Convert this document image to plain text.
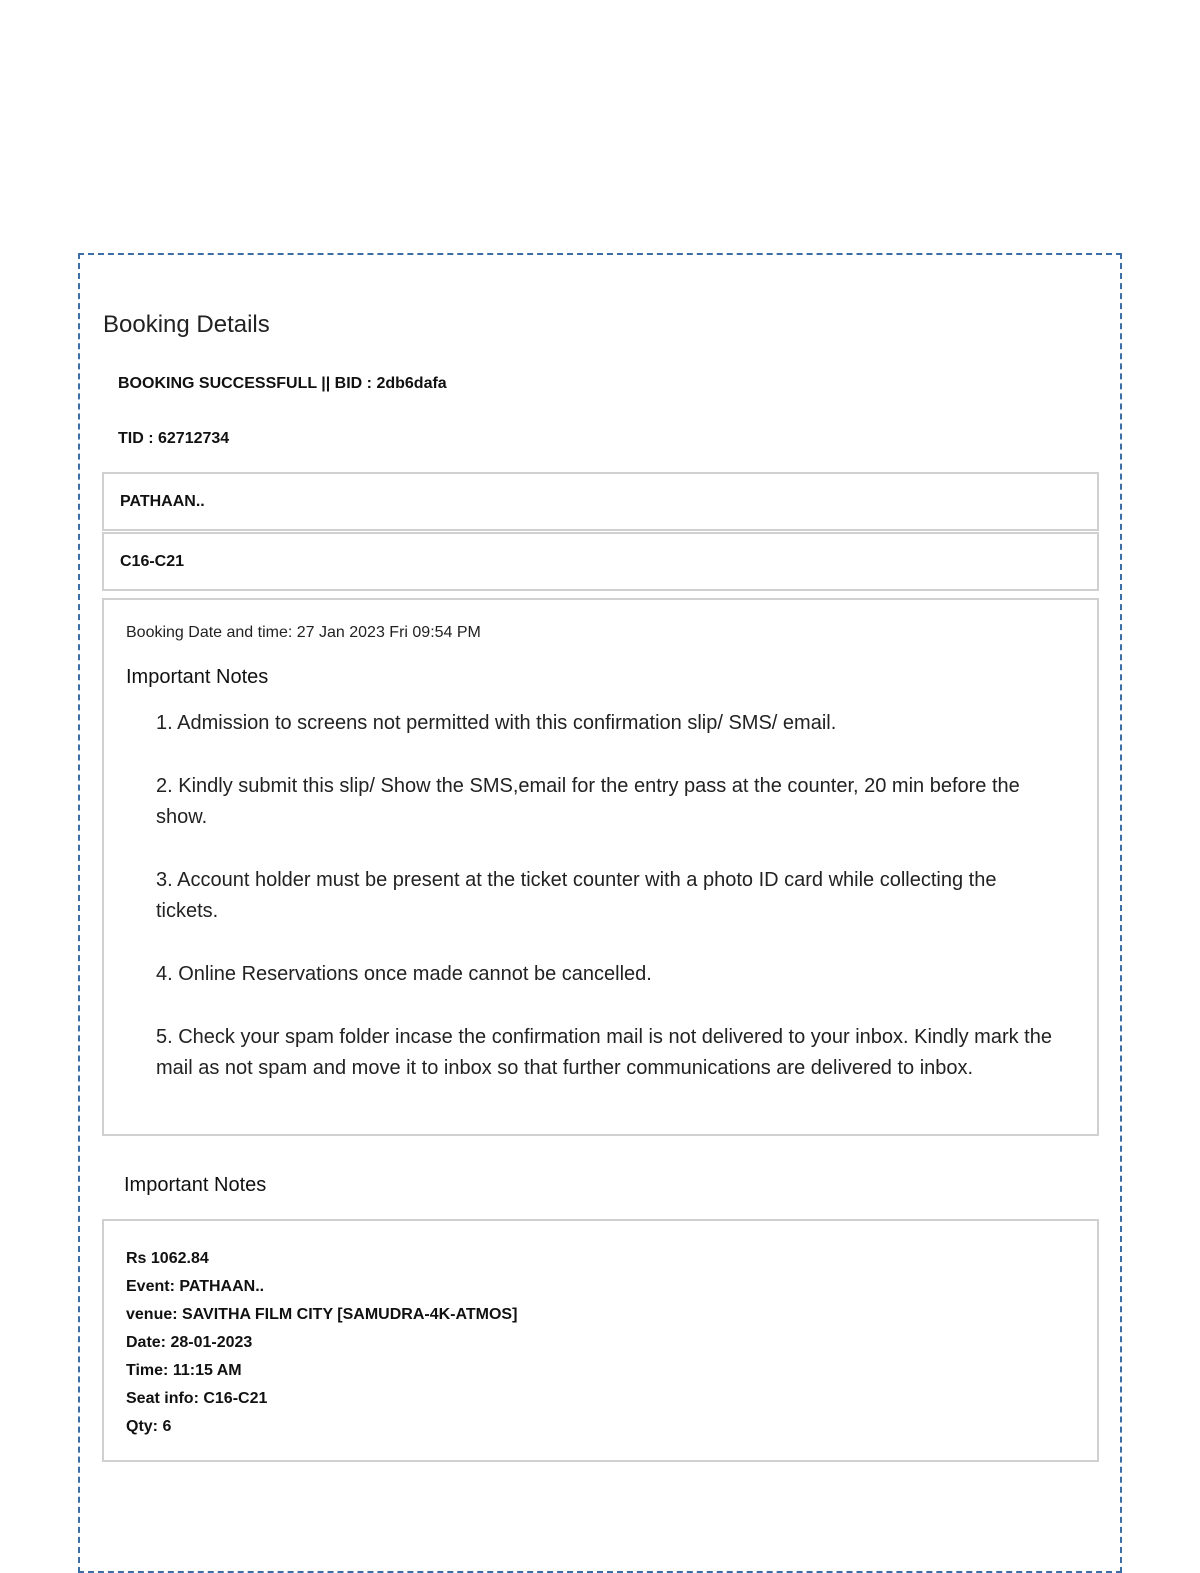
Booking Details
BOOKING SUCCESSFULL || BID : 2db6dafa
TID : 62712734
PATHAAN..
C16-C21
Booking Date and time: 27 Jan 2023 Fri 09:54 PM
Important Notes
1. Admission to screens not permitted with this confirmation slip/ SMS/ email.
2. Kindly submit this slip/ Show the SMS,email for the entry pass at the counter, 20 min before the show.
3. Account holder must be present at the ticket counter with a photo ID card while collecting the tickets.
4. Online Reservations once made cannot be cancelled.
5. Check your spam folder incase the confirmation mail is not delivered to your inbox. Kindly mark the mail as not spam and move it to inbox so that further communications are delivered to inbox.
Important Notes
Rs 1062.84
Event: PATHAAN..
venue: SAVITHA FILM CITY [SAMUDRA-4K-ATMOS]
Date: 28-01-2023
Time: 11:15 AM
Seat info: C16-C21
Qty: 6
